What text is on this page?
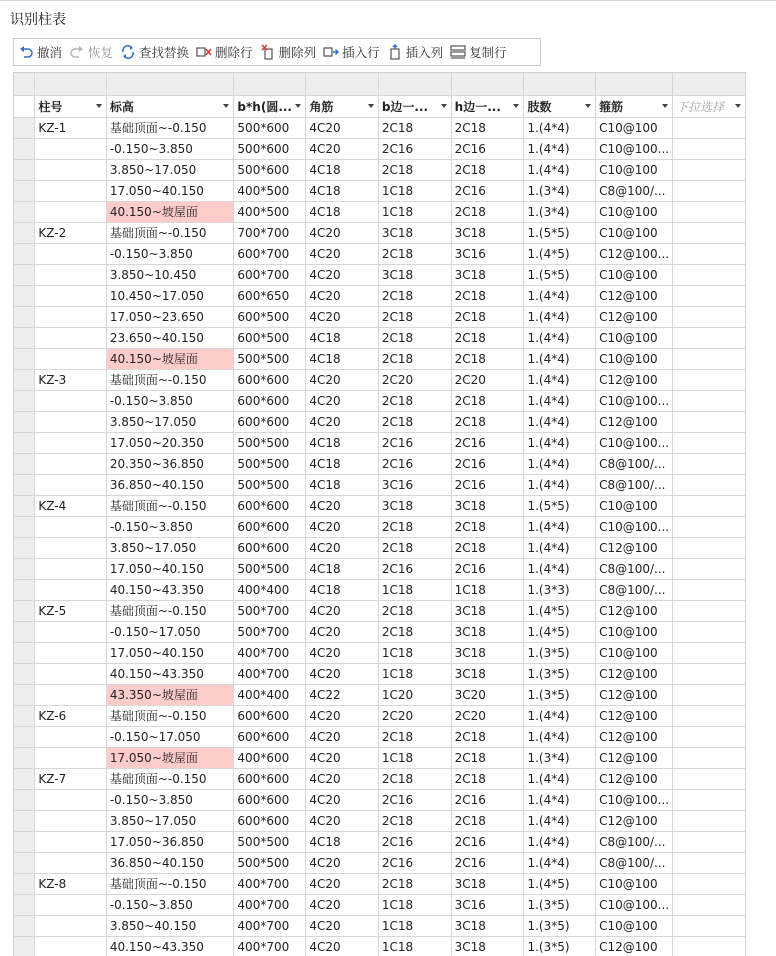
识别柱表
撤消 恢复 查找替换 删除行 删除列 插入行 插入列 复制行

	柱号	标高	b*h(圆...	角筋	b边一...	h边一...	肢数	箍筋	下拉选择

	KZ-1	基础顶面~-0.150	500*600	4C20	2C18	2C18	1.(4*4)	C10@100	
		-0.150~3.850	500*600	4C20	2C16	2C16	1.(4*4)	C10@100...	
		3.850~17.050	500*600	4C18	2C18	2C18	1.(4*4)	C10@100	
		17.050~40.150	400*500	4C18	1C18	2C16	1.(3*4)	C8@100/...	
		40.150~坡屋面	400*500	4C18	1C18	2C18	1.(3*4)	C10@100	
	KZ-2	基础顶面~-0.150	700*700	4C20	3C18	3C18	1.(5*5)	C10@100	
		-0.150~3.850	600*700	4C20	2C18	3C16	1.(4*5)	C12@100...	
		3.850~10.450	600*700	4C20	3C18	3C18	1.(5*5)	C10@100	
		10.450~17.050	600*650	4C20	2C18	2C18	1.(4*4)	C12@100	
		17.050~23.650	600*500	4C20	2C18	2C18	1.(4*4)	C12@100	
		23.650~40.150	600*500	4C18	2C18	2C18	1.(4*4)	C10@100	
		40.150~坡屋面	500*500	4C18	2C18	2C18	1.(4*4)	C10@100	
	KZ-3	基础顶面~-0.150	600*600	4C20	2C20	2C20	1.(4*4)	C12@100	
		-0.150~3.850	600*600	4C20	2C18	2C18	1.(4*4)	C10@100...	
		3.850~17.050	600*600	4C20	2C18	2C18	1.(4*4)	C12@100	
		17.050~20.350	500*500	4C18	2C16	2C16	1.(4*4)	C10@100...	
		20.350~36.850	500*500	4C18	2C16	2C16	1.(4*4)	C8@100/...	
		36.850~40.150	500*500	4C18	3C16	2C16	1.(4*4)	C8@100/...	
	KZ-4	基础顶面~-0.150	600*600	4C20	3C18	3C18	1.(5*5)	C10@100	
		-0.150~3.850	600*600	4C20	2C18	2C18	1.(4*4)	C10@100...	
		3.850~17.050	600*600	4C20	2C18	2C18	1.(4*4)	C12@100	
		17.050~40.150	500*500	4C18	2C16	2C16	1.(4*4)	C8@100/...	
		40.150~43.350	400*400	4C18	1C18	1C18	1.(3*3)	C8@100/...	
	KZ-5	基础顶面~-0.150	500*700	4C20	2C18	3C18	1.(4*5)	C12@100	
		-0.150~17.050	500*700	4C20	2C18	3C18	1.(4*5)	C10@100	
		17.050~40.150	400*700	4C20	1C18	3C18	1.(3*5)	C10@100	
		40.150~43.350	400*700	4C20	1C18	3C18	1.(3*5)	C12@100	
		43.350~坡屋面	400*400	4C22	1C20	3C20	1.(3*5)	C12@100	
	KZ-6	基础顶面~-0.150	600*600	4C20	2C20	2C20	1.(4*4)	C12@100	
		-0.150~17.050	600*600	4C20	2C18	2C18	1.(4*4)	C12@100	
		17.050~坡屋面	400*600	4C20	1C18	2C18	1.(3*4)	C12@100	
	KZ-7	基础顶面~-0.150	600*600	4C20	2C18	2C18	1.(4*4)	C12@100	
		-0.150~3.850	600*600	4C20	2C16	2C16	1.(4*4)	C10@100...	
		3.850~17.050	600*600	4C20	2C18	2C18	1.(4*4)	C12@100	
		17.050~36.850	500*500	4C18	2C16	2C16	1.(4*4)	C8@100/...	
		36.850~40.150	500*500	4C20	2C16	2C16	1.(4*4)	C8@100/...	
	KZ-8	基础顶面~-0.150	400*700	4C20	2C18	3C18	1.(4*5)	C10@100	
		-0.150~3.850	400*700	4C20	1C18	3C16	1.(3*5)	C10@100...	
		3.850~40.150	400*700	4C20	1C18	3C18	1.(3*5)	C10@100	
		40.150~43.350	400*700	4C20	1C18	3C18	1.(3*5)	C12@100	
